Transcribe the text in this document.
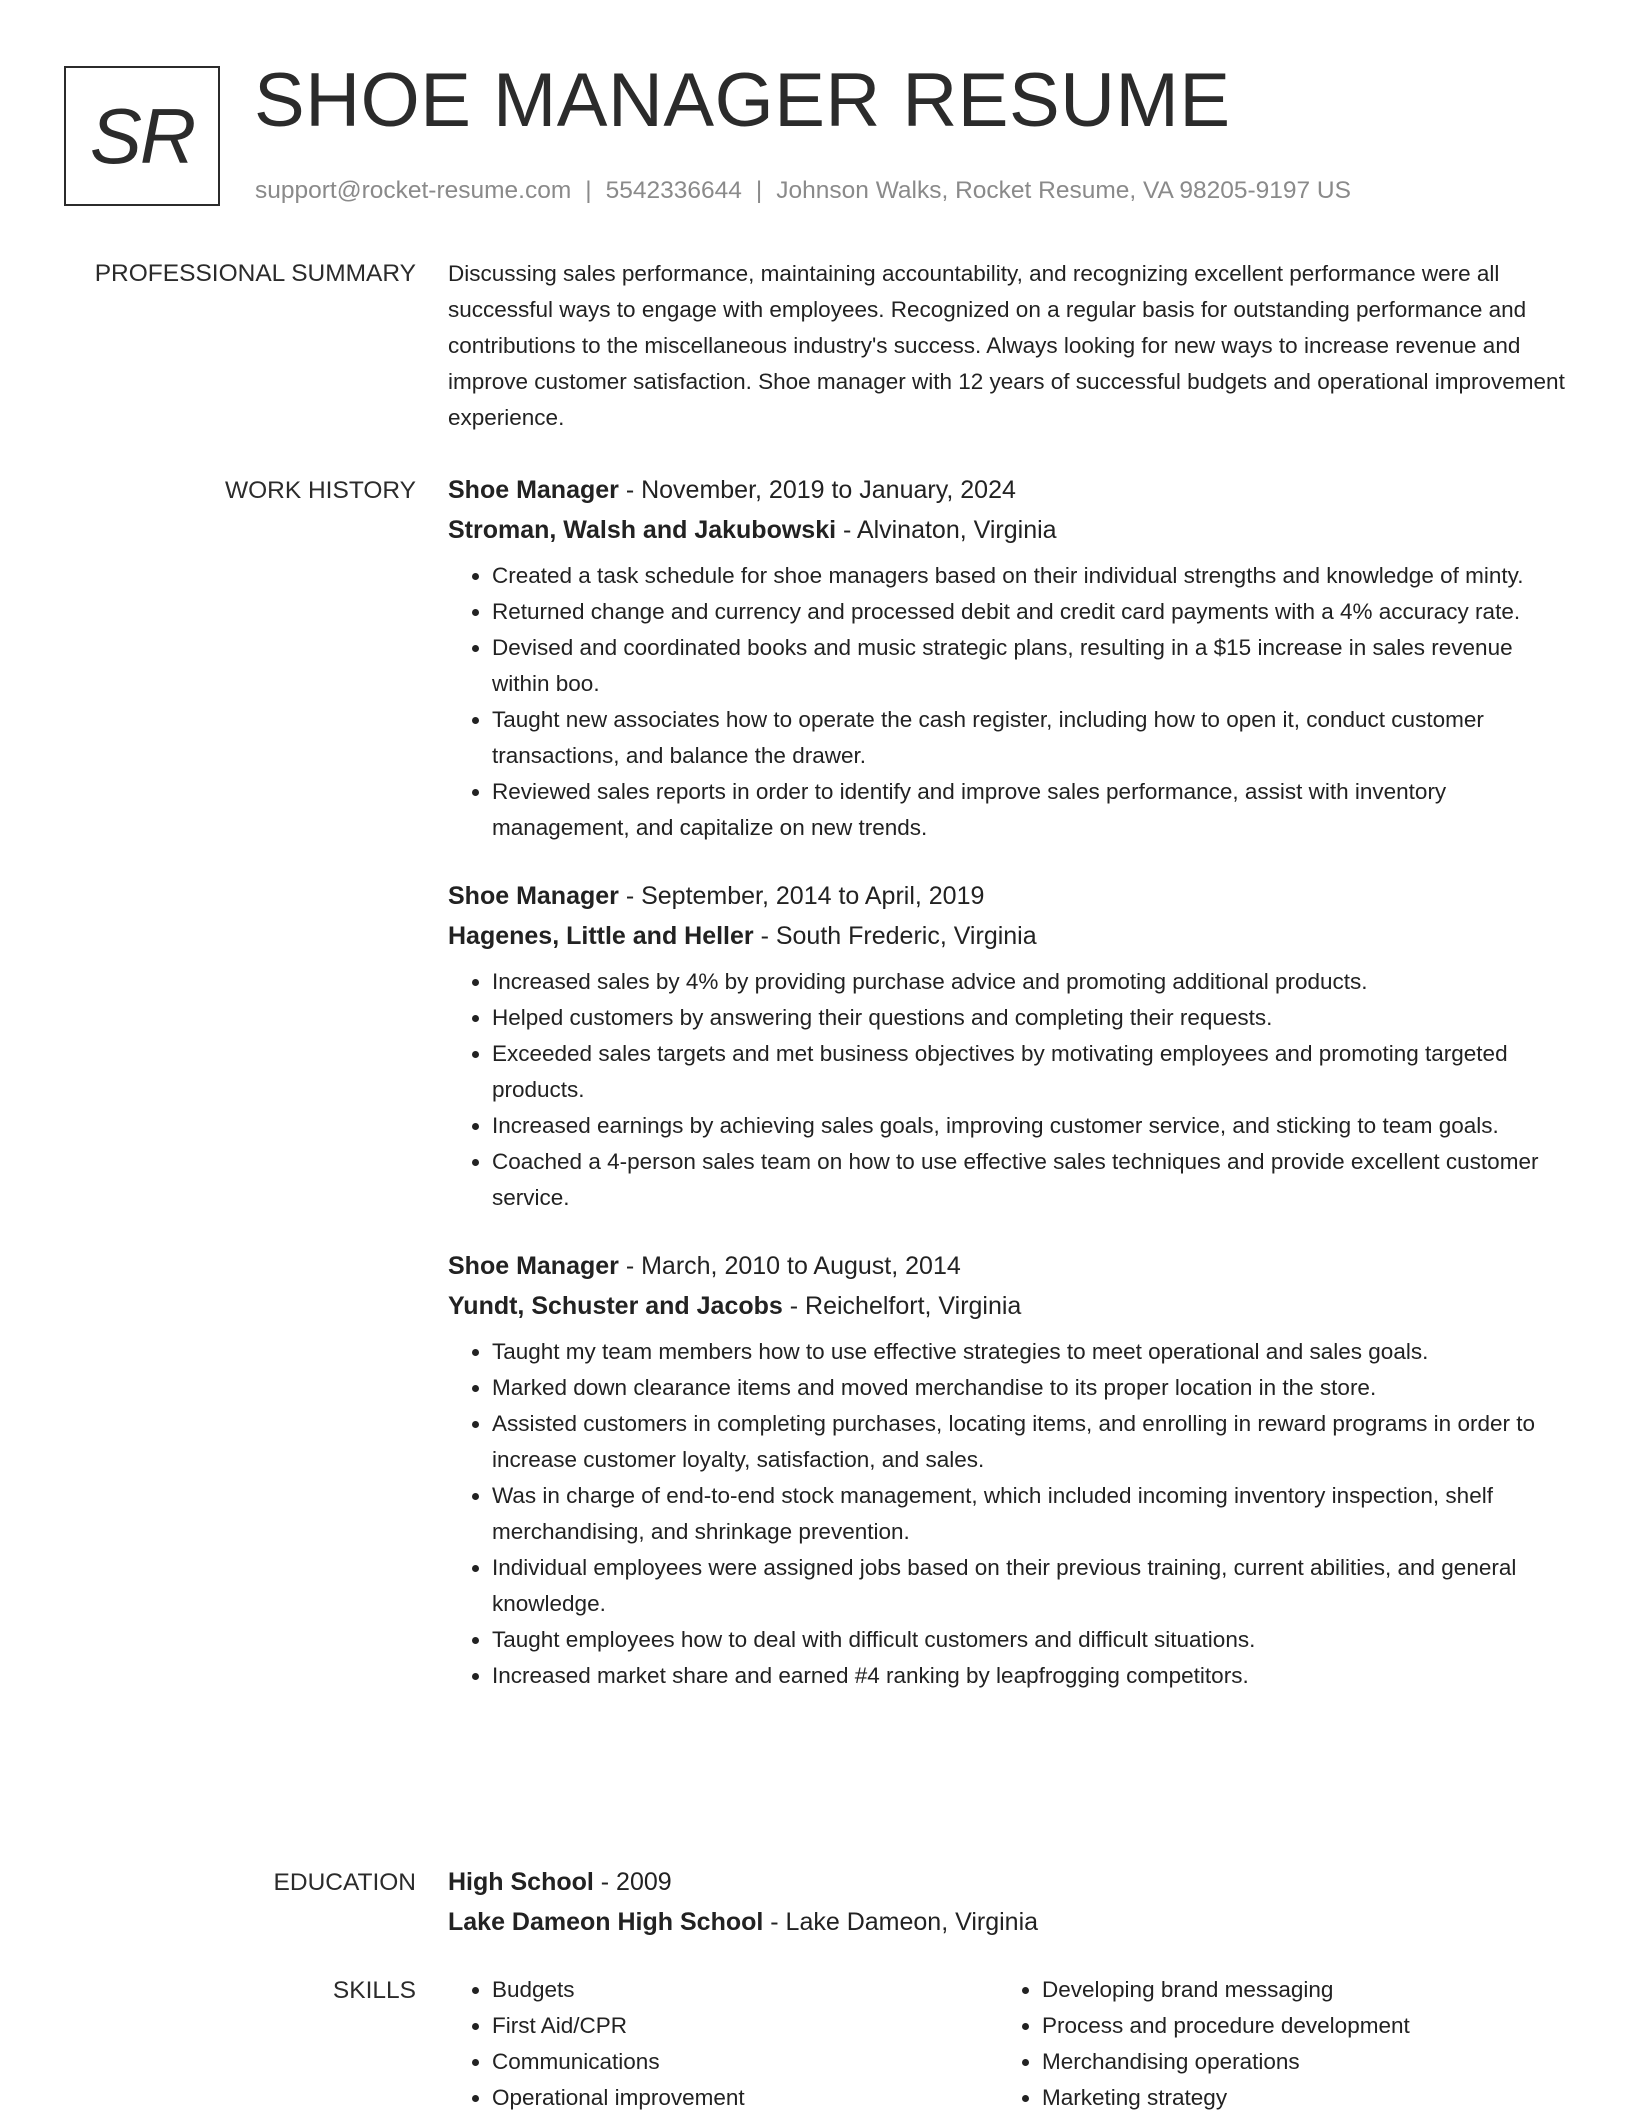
SR SHOE MANAGER RESUME
support@rocket-resume.com | 5542336644 | Johnson Walks, Rocket Resume, VA 98205-9197 US
PROFESSIONAL SUMMARY Discussing sales performance, maintaining accountability, and recognizing excellent performance were all successful ways to engage with employees. Recognized on a regular basis for outstanding performance and contributions to the miscellaneous industry's success. Always looking for new ways to increase revenue and improve customer satisfaction. Shoe manager with 12 years of successful budgets and operational improvement experience.

WORK HISTORY Shoe Manager - November, 2019 to January, 2024
Stroman, Walsh and Jakubowski - Alvinaton, Virginia
• Created a task schedule for shoe managers based on their individual strengths and knowledge of minty.
• Returned change and currency and processed debit and credit card payments with a 4% accuracy rate.
• Devised and coordinated books and music strategic plans, resulting in a $15 increase in sales revenue within boo.
• Taught new associates how to operate the cash register, including how to open it, conduct customer transactions, and balance the drawer.
• Reviewed sales reports in order to identify and improve sales performance, assist with inventory management, and capitalize on new trends.
Shoe Manager - September, 2014 to April, 2019
Hagenes, Little and Heller - South Frederic, Virginia
• Increased sales by 4% by providing purchase advice and promoting additional products.
• Helped customers by answering their questions and completing their requests.
• Exceeded sales targets and met business objectives by motivating employees and promoting targeted products.
• Increased earnings by achieving sales goals, improving customer service, and sticking to team goals.
• Coached a 4-person sales team on how to use effective sales techniques and provide excellent customer service.
Shoe Manager - March, 2010 to August, 2014
Yundt, Schuster and Jacobs - Reichelfort, Virginia
• Taught my team members how to use effective strategies to meet operational and sales goals.
• Marked down clearance items and moved merchandise to its proper location in the store.
• Assisted customers in completing purchases, locating items, and enrolling in reward programs in order to increase customer loyalty, satisfaction, and sales.
• Was in charge of end-to-end stock management, which included incoming inventory inspection, shelf merchandising, and shrinkage prevention.
• Individual employees were assigned jobs based on their previous training, current abilities, and general knowledge.
• Taught employees how to deal with difficult customers and difficult situations.
• Increased market share and earned #4 ranking by leapfrogging competitors.
EDUCATION High School - 2009
Lake Dameon High School - Lake Dameon, Virginia
SKILLS
•	Budgets
• First Aid/CPR
• Communications
• Operational improvement
• Developing brand messaging
• Process and procedure development
• Merchandising operations
• Marketing strategy
